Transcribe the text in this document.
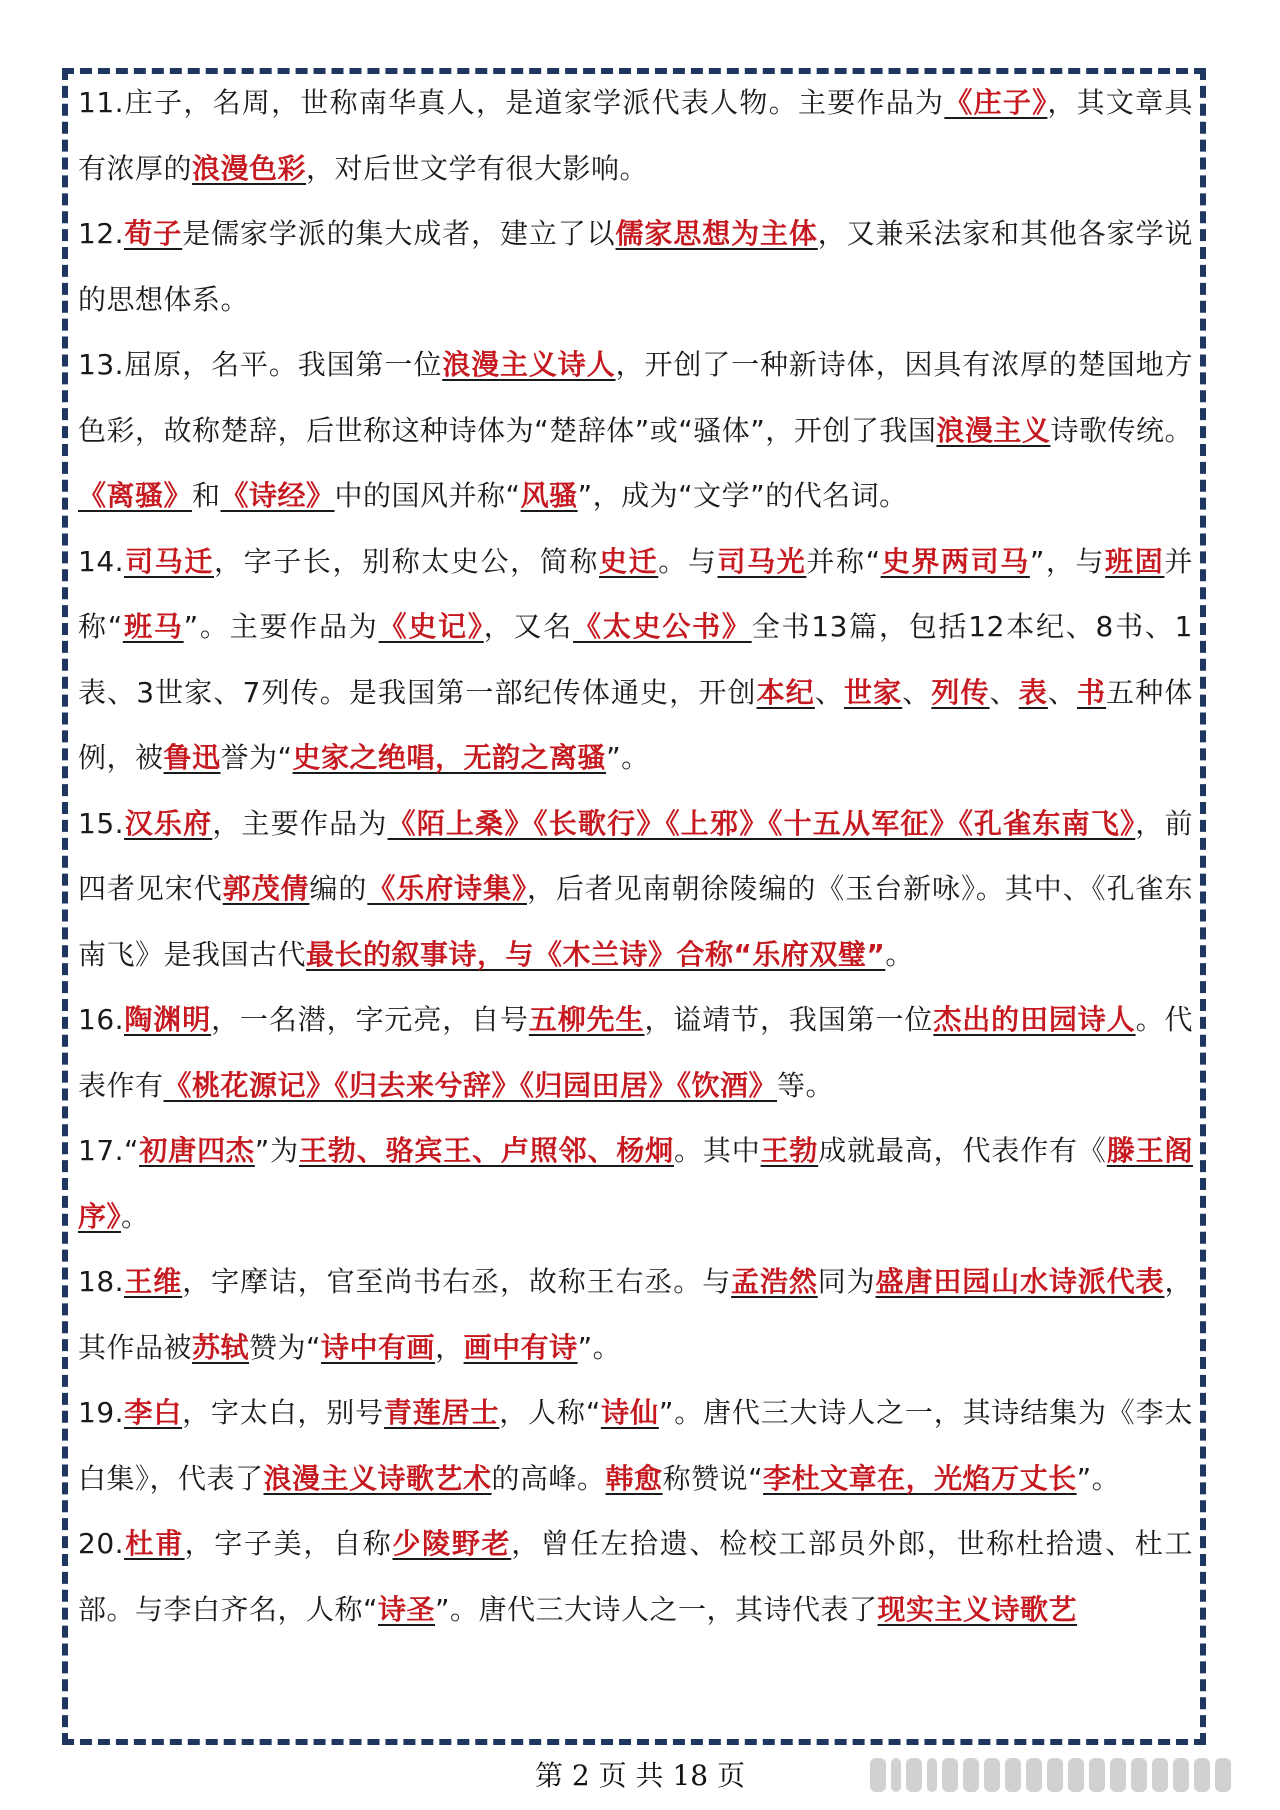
11.庄子，名周，世称南华真人，是道家学派代表人物。主要作品为《庄子》，其文章具有浓厚的浪漫色彩，对后世文学有很大影响。

12.荀子是儒家学派的集大成者，建立了以儒家思想为主体，又兼采法家和其他各家学说的思想体系。

13.屈原，名平。我国第一位浪漫主义诗人，开创了一种新诗体，因具有浓厚的楚国地方色彩，故称楚辞，后世称这种诗体为“楚辞体”或“骚体”，开创了我国浪漫主义诗歌传统。《离骚》和《诗经》中的国风并称“风骚”，成为“文学”的代名词。

14.司马迁，字子长，别称太史公，简称史迁。与司马光并称“史界两司马”，与班固并称“班马”。主要作品为《史记》，又名《太史公书》全书13篇，包括12本纪、8书、1表、3世家、7列传。是我国第一部纪传体通史，开创本纪、世家、列传、表、书五种体例，被鲁迅誉为“史家之绝唱，无韵之离骚”。

15.汉乐府，主要作品为《陌上桑》《长歌行》《上邪》《十五从军征》《孔雀东南飞》，前四者见宋代郭茂倩编的《乐府诗集》，后者见南朝徐陵编的《玉台新咏》。其中、《孔雀东南飞》是我国古代最长的叙事诗，与《木兰诗》合称“乐府双璧”。

16.陶渊明，一名潜，字元亮，自号五柳先生，谥靖节，我国第一位杰出的田园诗人。代表作有《桃花源记》《归去来兮辞》《归园田居》《饮酒》等。

17.“初唐四杰”为王勃、骆宾王、卢照邻、杨炯。其中王勃成就最高，代表作有《滕王阁序》。

18.王维，字摩诘，官至尚书右丞，故称王右丞。与孟浩然同为盛唐田园山水诗派代表，其作品被苏轼赞为“诗中有画，画中有诗”。

19.李白，字太白，别号青莲居士，人称“诗仙”。唐代三大诗人之一，其诗结集为《李太白集》，代表了浪漫主义诗歌艺术的高峰。韩愈称赞说“李杜文章在，光焰万丈长”。

20.杜甫，字子美，自称少陵野老，曾任左拾遗、检校工部员外郎，世称杜拾遗、杜工部。与李白齐名，人称“诗圣”。唐代三大诗人之一，其诗代表了现实主义诗歌艺

第 2 页 共 18 页
